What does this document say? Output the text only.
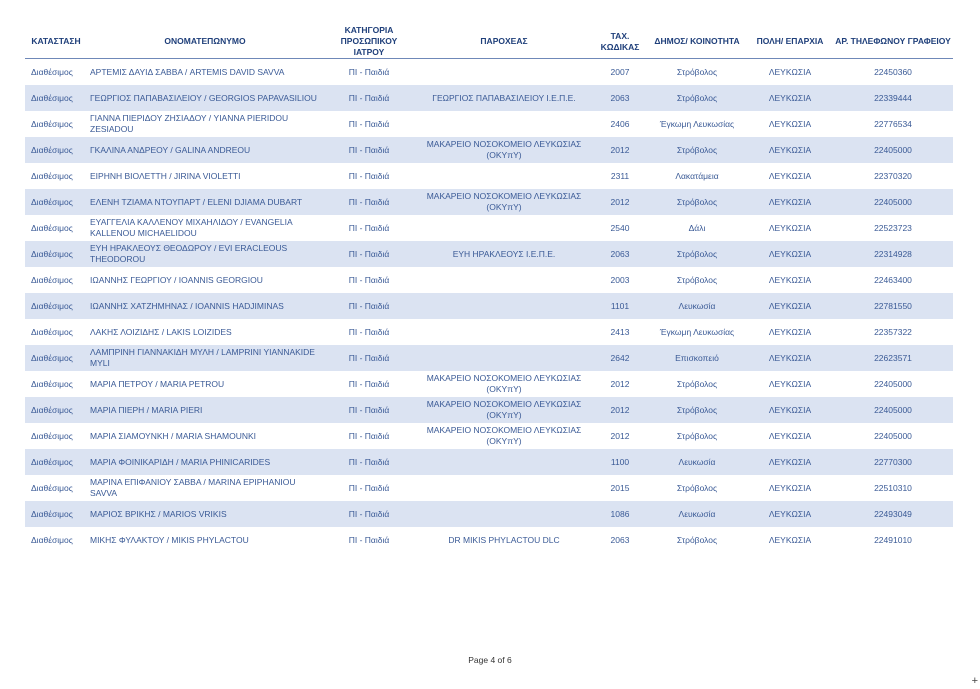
ΚΑΤΑΣΤΑΣΗ	ΟΝΟΜΑΤΕΠΩΝΥΜΟ	ΚΑΤΗΓΟΡΙΑ ΠΡΟΣΩΠΙΚΟΥ ΙΑΤΡΟΥ	ΠΑΡΟΧΕΑΣ	ΤΑΧ. ΚΩΔΙΚΑΣ	ΔΗΜΟΣ/ ΚΟΙΝΟΤΗΤΑ	ΠΟΛΗ/ ΕΠΑΡΧΙΑ	ΑΡ. ΤΗΛΕΦΩΝΟΥ ΓΡΑΦΕΙΟΥ
Διαθέσιμος	ΑΡΤΕΜΙΣ ΔΑΥΙΔ ΣΑΒΒΑ / ARTEMIS DAVID SAVVA	ΠΙ - Παιδιά		2007	Στρόβολος	ΛΕΥΚΩΣΙΑ	22450360
Διαθέσιμος	ΓΕΩΡΓΙΟΣ ΠΑΠΑΒΑΣΙΛΕΙΟΥ / GEORGIOS PAPAVASILIOU	ΠΙ - Παιδιά	ΓΕΩΡΓΙΟΣ ΠΑΠΑΒΑΣΙΛΕΙΟΥ Ι.Ε.Π.Ε.	2063	Στρόβολος	ΛΕΥΚΩΣΙΑ	22339444
Διαθέσιμος	ΓΙΑΝΝΑ ΠΙΕΡΙΔΟΥ ΖΗΣΙΑΔΟΥ / YIANNA PIERIDOU ZESIADOU	ΠΙ - Παιδιά		2406	Έγκωμη Λευκωσίας	ΛΕΥΚΩΣΙΑ	22776534
Διαθέσιμος	ΓΚΑΛΙΝΑ ΑΝΔΡΕΟΥ / GALINA ANDREOU	ΠΙ - Παιδιά	ΜΑΚΑΡΕΙΟ ΝΟΣΟΚΟΜΕΙΟ ΛΕΥΚΩΣΙΑΣ (ΟΚΥπΥ)	2012	Στρόβολος	ΛΕΥΚΩΣΙΑ	22405000
Διαθέσιμος	ΕΙΡΗΝΗ ΒΙΟΛΕΤΤΗ / JIRINA VIOLETTI	ΠΙ - Παιδιά		2311	Λακατάμεια	ΛΕΥΚΩΣΙΑ	22370320
Διαθέσιμος	ΕΛΕΝΗ ΤΖΙΑΜΑ ΝΤΟΥΠΑΡΤ / ELENI DJIAMA DUBART	ΠΙ - Παιδιά	ΜΑΚΑΡΕΙΟ ΝΟΣΟΚΟΜΕΙΟ ΛΕΥΚΩΣΙΑΣ (ΟΚΥπΥ)	2012	Στρόβολος	ΛΕΥΚΩΣΙΑ	22405000
Διαθέσιμος	ΕΥΑΓΓΕΛΙΑ ΚΑΛΛΕΝΟΥ ΜΙΧΑΗΛΙΔΟΥ / EVANGELIA KALLENOU MICHAELIDOU	ΠΙ - Παιδιά		2540	Δάλι	ΛΕΥΚΩΣΙΑ	22523723
Διαθέσιμος	ΕΥΗ ΗΡΑΚΛΕΟΥΣ ΘΕΟΔΩΡΟΥ / EVI ERACLEOUS THEODOROU	ΠΙ - Παιδιά	ΕΥΗ ΗΡΑΚΛΕΟΥΣ Ι.Ε.Π.Ε.	2063	Στρόβολος	ΛΕΥΚΩΣΙΑ	22314928
Διαθέσιμος	ΙΩΑΝΝΗΣ ΓΕΩΡΓΙΟΥ / IOANNIS GEORGIOU	ΠΙ - Παιδιά		2003	Στρόβολος	ΛΕΥΚΩΣΙΑ	22463400
Διαθέσιμος	ΙΩΑΝΝΗΣ ΧΑΤΖΗΜΗΝΑΣ / IOANNIS HADJIMINAS	ΠΙ - Παιδιά		1101	Λευκωσία	ΛΕΥΚΩΣΙΑ	22781550
Διαθέσιμος	ΛΑΚΗΣ ΛΟΙΖΙΔΗΣ / LAKIS LOIZIDES	ΠΙ - Παιδιά		2413	Έγκωμη Λευκωσίας	ΛΕΥΚΩΣΙΑ	22357322
Διαθέσιμος	ΛΑΜΠΡΙΝΗ ΓΙΑΝΝΑΚΙΔΗ ΜΥΛΗ / LAMPRINI YIANNAKIDE MYLI	ΠΙ - Παιδιά		2642	Επισκοπειό	ΛΕΥΚΩΣΙΑ	22623571
Διαθέσιμος	ΜΑΡΙΑ ΠΕΤΡΟΥ / MARIA PETROU	ΠΙ - Παιδιά	ΜΑΚΑΡΕΙΟ ΝΟΣΟΚΟΜΕΙΟ ΛΕΥΚΩΣΙΑΣ (ΟΚΥπΥ)	2012	Στρόβολος	ΛΕΥΚΩΣΙΑ	22405000
Διαθέσιμος	ΜΑΡΙΑ ΠΙΕΡΗ / MARIA PIERI	ΠΙ - Παιδιά	ΜΑΚΑΡΕΙΟ ΝΟΣΟΚΟΜΕΙΟ ΛΕΥΚΩΣΙΑΣ (ΟΚΥπΥ)	2012	Στρόβολος	ΛΕΥΚΩΣΙΑ	22405000
Διαθέσιμος	ΜΑΡΙΑ ΣΙΑΜΟΥΝΚΗ / MARIA SHAMOUNKI	ΠΙ - Παιδιά	ΜΑΚΑΡΕΙΟ ΝΟΣΟΚΟΜΕΙΟ ΛΕΥΚΩΣΙΑΣ (ΟΚΥπΥ)	2012	Στρόβολος	ΛΕΥΚΩΣΙΑ	22405000
Διαθέσιμος	ΜΑΡΙΑ ΦΟΙΝΙΚΑΡΙΔΗ / MARIA PHINICARIDES	ΠΙ - Παιδιά		1100	Λευκωσία	ΛΕΥΚΩΣΙΑ	22770300
Διαθέσιμος	ΜΑΡΙΝΑ ΕΠΙΦΑΝΙΟΥ ΣΑΒΒΑ / MARINA EPIPHANIOU SAVVA	ΠΙ - Παιδιά		2015	Στρόβολος	ΛΕΥΚΩΣΙΑ	22510310
Διαθέσιμος	ΜΑΡΙΟΣ ΒΡΙΚΗΣ / MARIOS VRIKIS	ΠΙ - Παιδιά		1086	Λευκωσία	ΛΕΥΚΩΣΙΑ	22493049
Διαθέσιμος	ΜΙΚΗΣ ΦΥΛΑΚΤΟΥ / MIKIS PHYLACTOU	ΠΙ - Παιδιά	DR MIKIS PHYLACTOU DLC	2063	Στρόβολος	ΛΕΥΚΩΣΙΑ	22491010
Page 4 of 6
+
